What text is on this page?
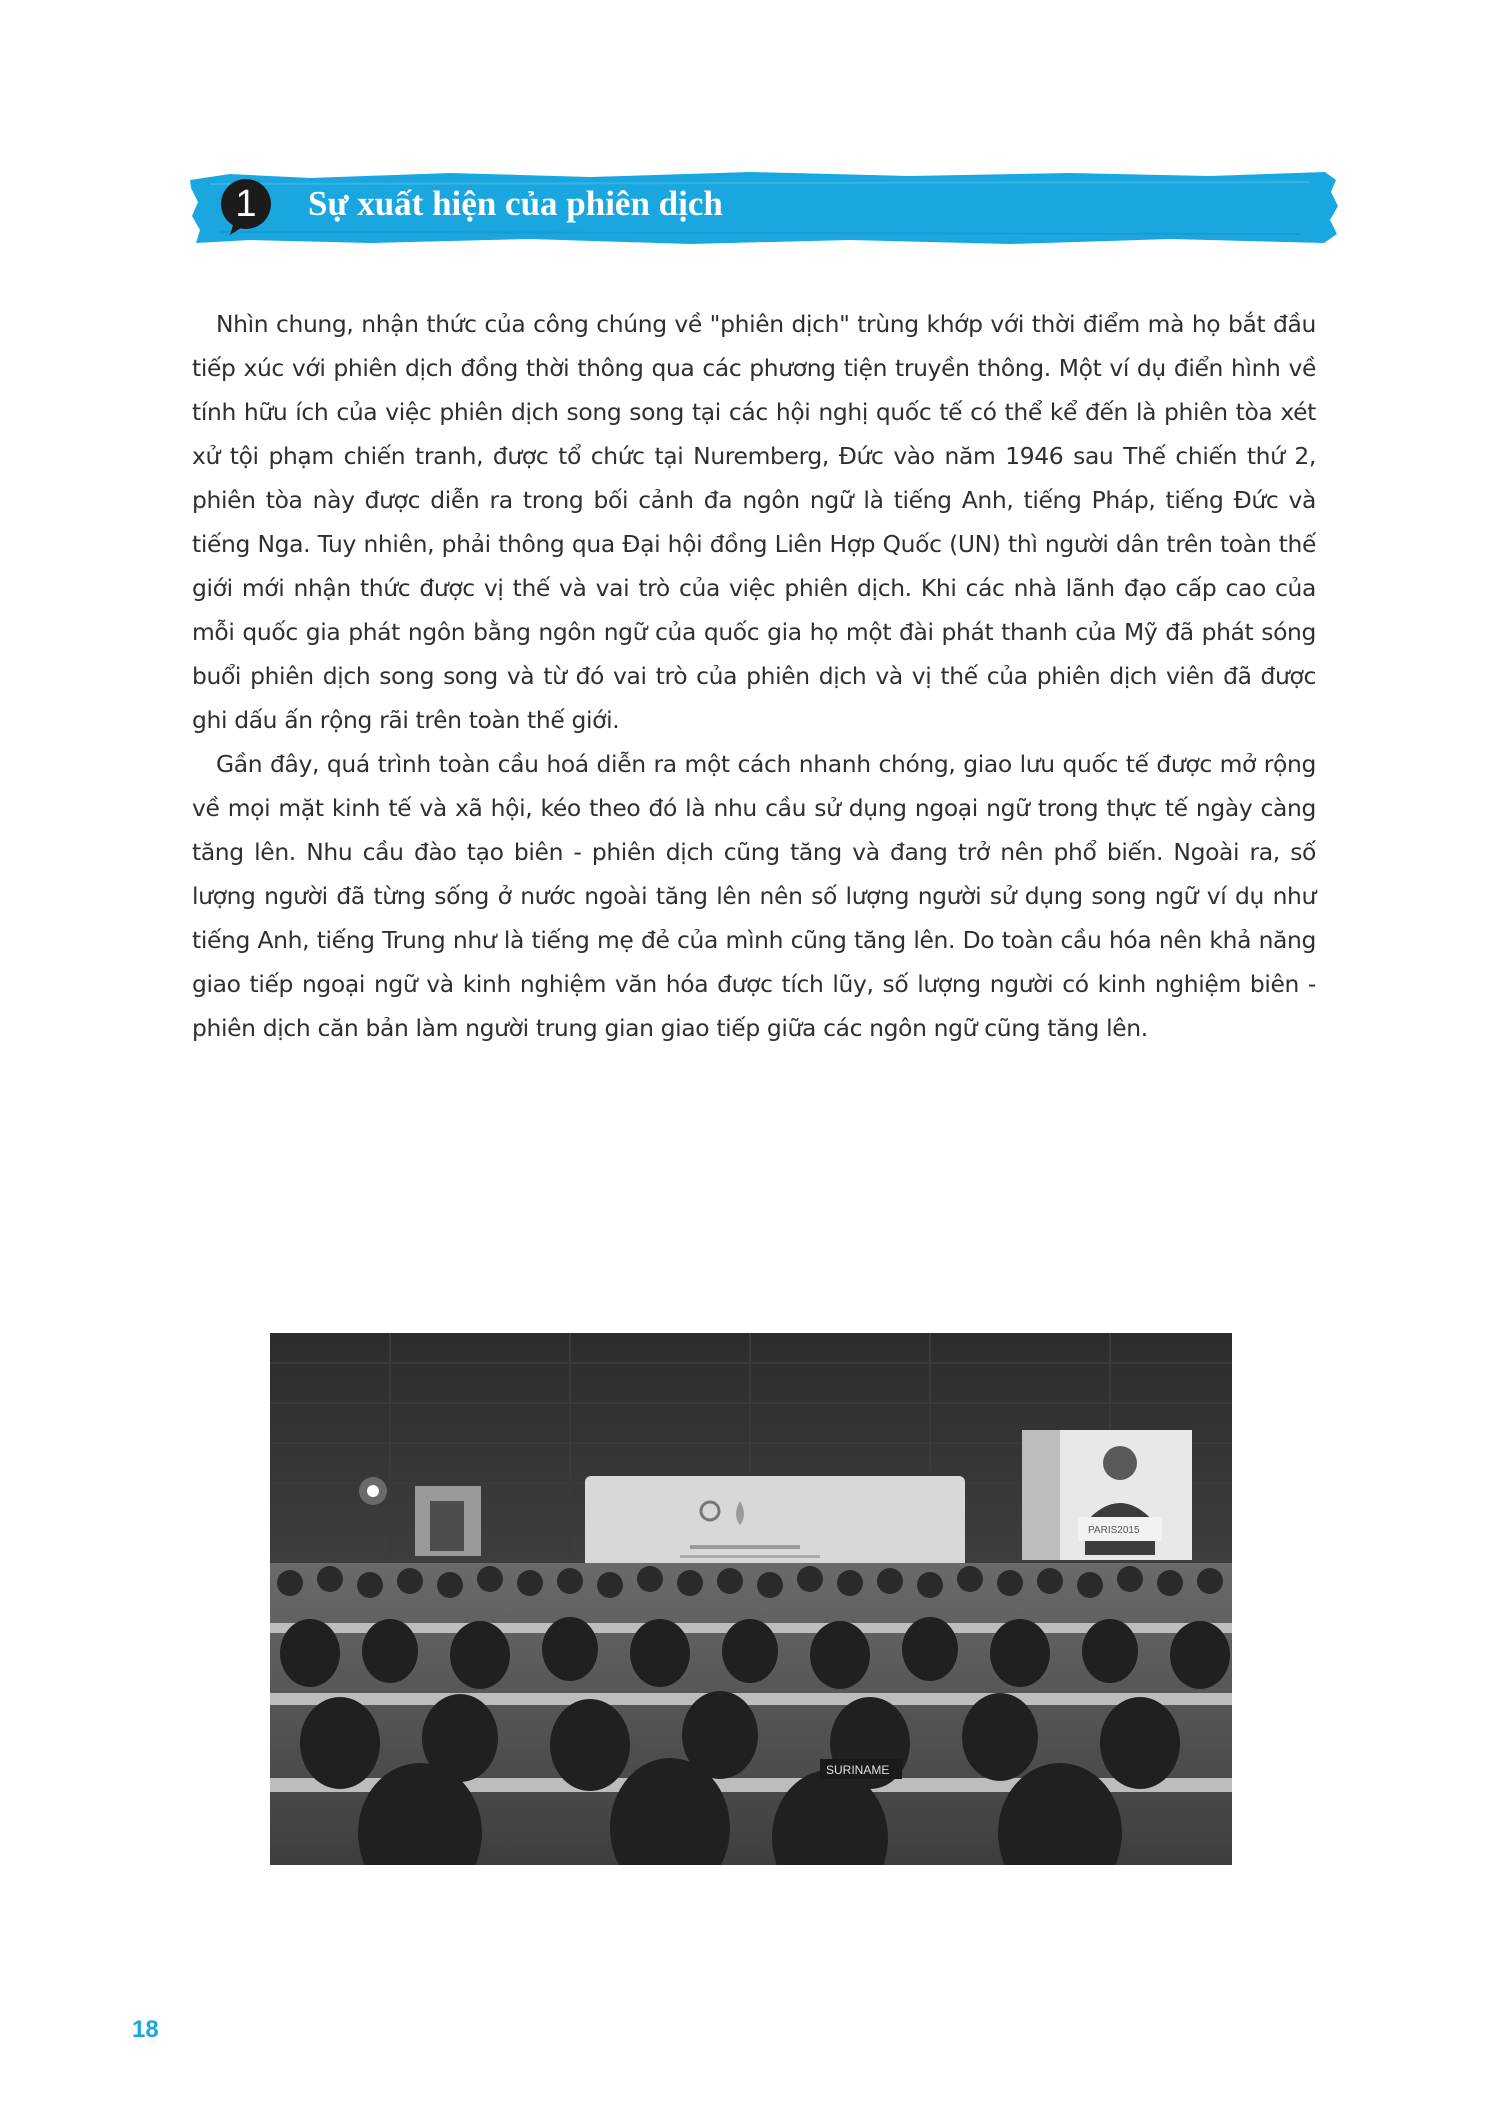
1	Sự xuất hiện của phiên dịch

Nhìn chung, nhận thức của công chúng về "phiên dịch" trùng khớp với thời điểm mà họ bắt đầu tiếp xúc với phiên dịch đồng thời thông qua các phương tiện truyền thông. Một ví dụ điển hình về tính hữu ích của việc phiên dịch song song tại các hội nghị quốc tế có thể kể đến là phiên tòa xét xử tội phạm chiến tranh, được tổ chức tại Nuremberg, Đức vào năm 1946 sau Thế chiến thứ 2, phiên tòa này được diễn ra trong bối cảnh đa ngôn ngữ là tiếng Anh, tiếng Pháp, tiếng Đức và tiếng Nga. Tuy nhiên, phải thông qua Đại hội đồng Liên Hợp Quốc (UN) thì người dân trên toàn thế giới mới nhận thức được vị thế và vai trò của việc phiên dịch. Khi các nhà lãnh đạo cấp cao của mỗi quốc gia phát ngôn bằng ngôn ngữ của quốc gia họ một đài phát thanh của Mỹ đã phát sóng buổi phiên dịch song song và từ đó vai trò của phiên dịch và vị thế của phiên dịch viên đã được ghi dấu ấn rộng rãi trên toàn thế giới.

Gần đây, quá trình toàn cầu hoá diễn ra một cách nhanh chóng, giao lưu quốc tế được mở rộng về mọi mặt kinh tế và xã hội, kéo theo đó là nhu cầu sử dụng ngoại ngữ trong thực tế ngày càng tăng lên. Nhu cầu đào tạo biên - phiên dịch cũng tăng và đang trở nên phổ biến. Ngoài ra, số lượng người đã từng sống ở nước ngoài tăng lên nên số lượng người sử dụng song ngữ ví dụ như tiếng Anh, tiếng Trung như là tiếng mẹ đẻ của mình cũng tăng lên. Do toàn cầu hóa nên khả năng giao tiếp ngoại ngữ và kinh nghiệm văn hóa được tích lũy, số lượng người có kinh nghiệm biên - phiên dịch căn bản làm người trung gian giao tiếp giữa các ngôn ngữ cũng tăng lên.

PARIS2015
SURINAME
18
